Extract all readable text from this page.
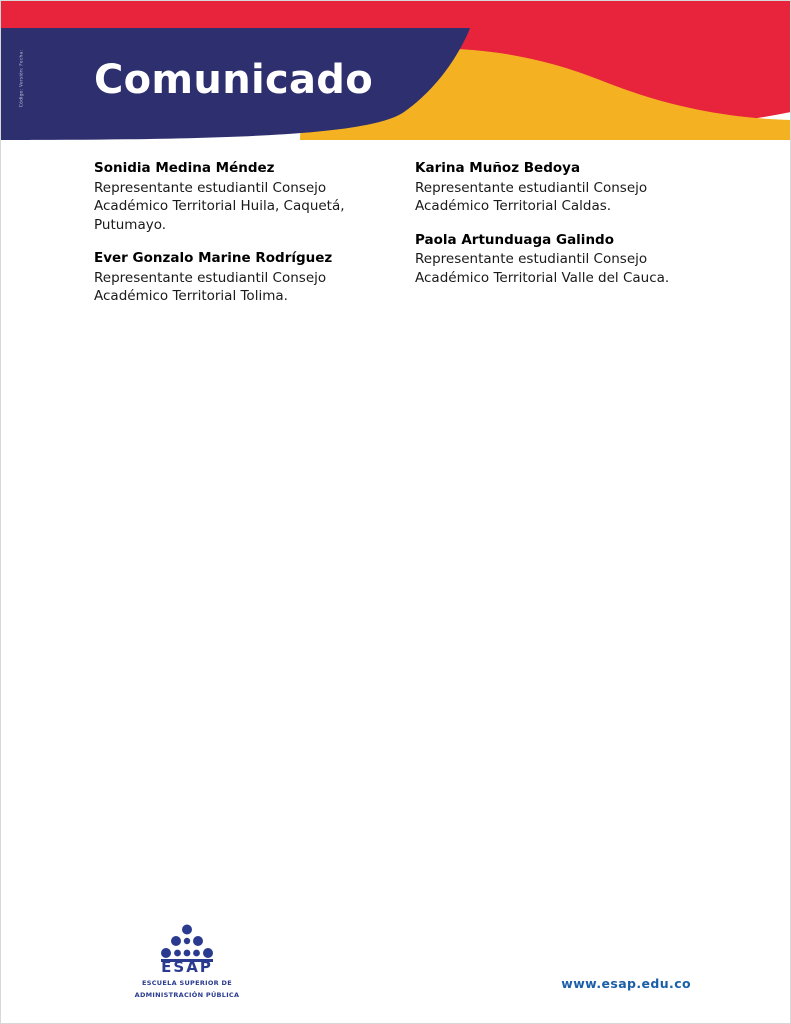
Comunicado
Código: Versión: Fecha:

Sonidia Medina Méndez

Representante estudiantil Consejo Académico Territorial Huila, Caquetá, Putumayo.

Ever Gonzalo Marine Rodríguez

Representante estudiantil Consejo Académico Territorial Tolima.

Karina Muñoz Bedoya

Representante estudiantil Consejo Académico Territorial Caldas.

Paola Artunduaga Galindo

Representante estudiantil Consejo Académico Territorial Valle del Cauca.

ESAP
ESCUELA SUPERIOR DE
ADMINISTRACIÓN PÚBLICA
www.esap.edu.co
